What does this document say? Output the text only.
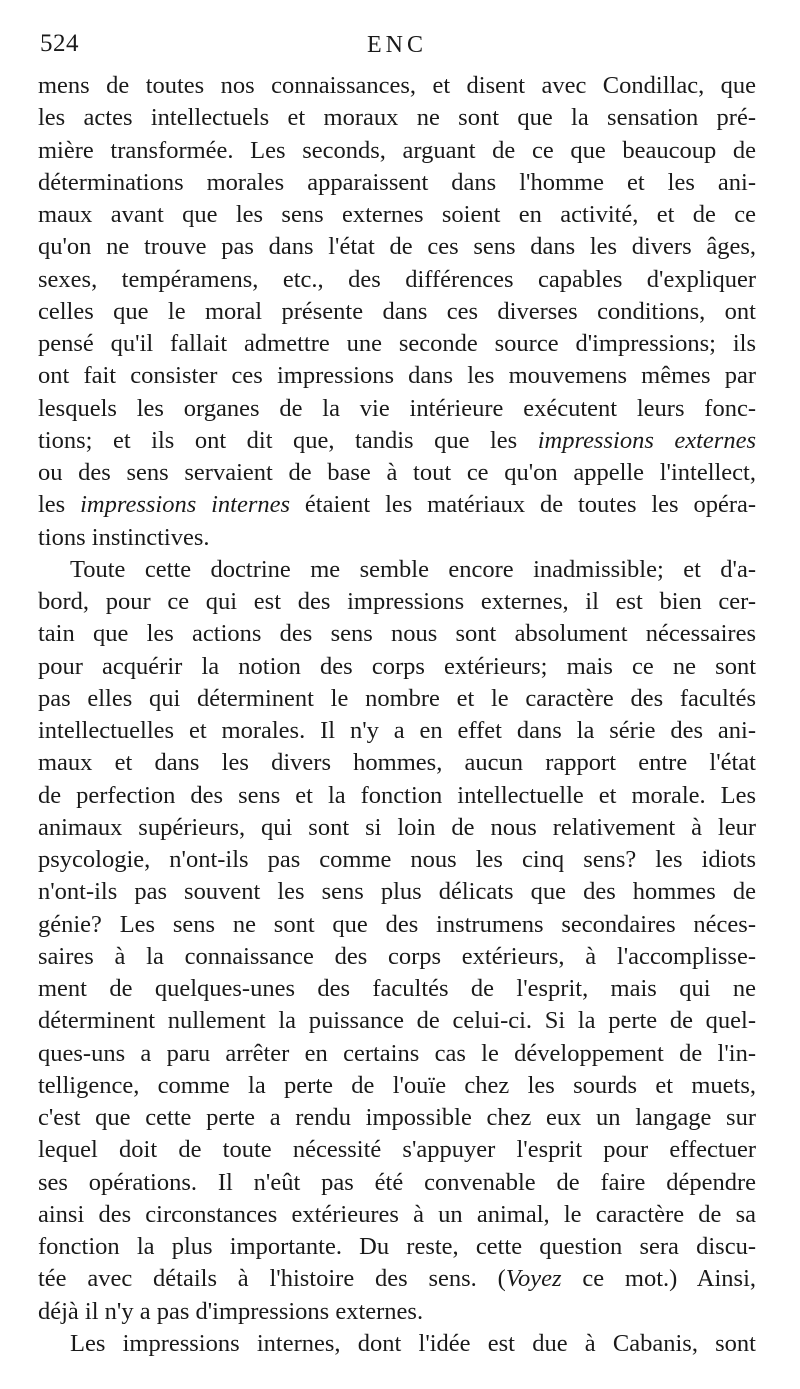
524	ENC
mens de toutes nos connaissances, et disent avec Condillac, que
les actes intellectuels et moraux ne sont que la sensation pré-
mière transformée. Les seconds, arguant de ce que beaucoup de
déterminations morales apparaissent dans l'homme et les ani-
maux avant que les sens externes soient en activité, et de ce
qu'on ne trouve pas dans l'état de ces sens dans les divers âges,
sexes, tempéramens, etc., des différences capables d'expliquer
celles que le moral présente dans ces diverses conditions, ont
pensé qu'il fallait admettre une seconde source d'impressions; ils
ont fait consister ces impressions dans les mouvemens mêmes par
lesquels les organes de la vie intérieure exécutent leurs fonc-
tions; et ils ont dit que, tandis que les impressions externes
ou des sens servaient de base à tout ce qu'on appelle l'intellect,
les impressions internes étaient les matériaux de toutes les opéra-
tions instinctives.
Toute cette doctrine me semble encore inadmissible; et d'a-
bord, pour ce qui est des impressions externes, il est bien cer-
tain que les actions des sens nous sont absolument nécessaires
pour acquérir la notion des corps extérieurs; mais ce ne sont
pas elles qui déterminent le nombre et le caractère des facultés
intellectuelles et morales. Il n'y a en effet dans la série des ani-
maux et dans les divers hommes, aucun rapport entre l'état
de perfection des sens et la fonction intellectuelle et morale. Les
animaux supérieurs, qui sont si loin de nous relativement à leur
psycologie, n'ont-ils pas comme nous les cinq sens? les idiots
n'ont-ils pas souvent les sens plus délicats que des hommes de
génie? Les sens ne sont que des instrumens secondaires néces-
saires à la connaissance des corps extérieurs, à l'accomplisse-
ment de quelques-unes des facultés de l'esprit, mais qui ne
déterminent nullement la puissance de celui-ci. Si la perte de quel-
ques-uns a paru arrêter en certains cas le développement de l'in-
telligence, comme la perte de l'ouïe chez les sourds et muets,
c'est que cette perte a rendu impossible chez eux un langage sur
lequel doit de toute nécessité s'appuyer l'esprit pour effectuer
ses opérations. Il n'eût pas été convenable de faire dépendre
ainsi des circonstances extérieures à un animal, le caractère de sa
fonction la plus importante. Du reste, cette question sera discu-
tée avec détails à l'histoire des sens. (Voyez ce mot.) Ainsi,
déjà il n'y a pas d'impressions externes.
Les impressions internes, dont l'idée est due à Cabanis, sont
